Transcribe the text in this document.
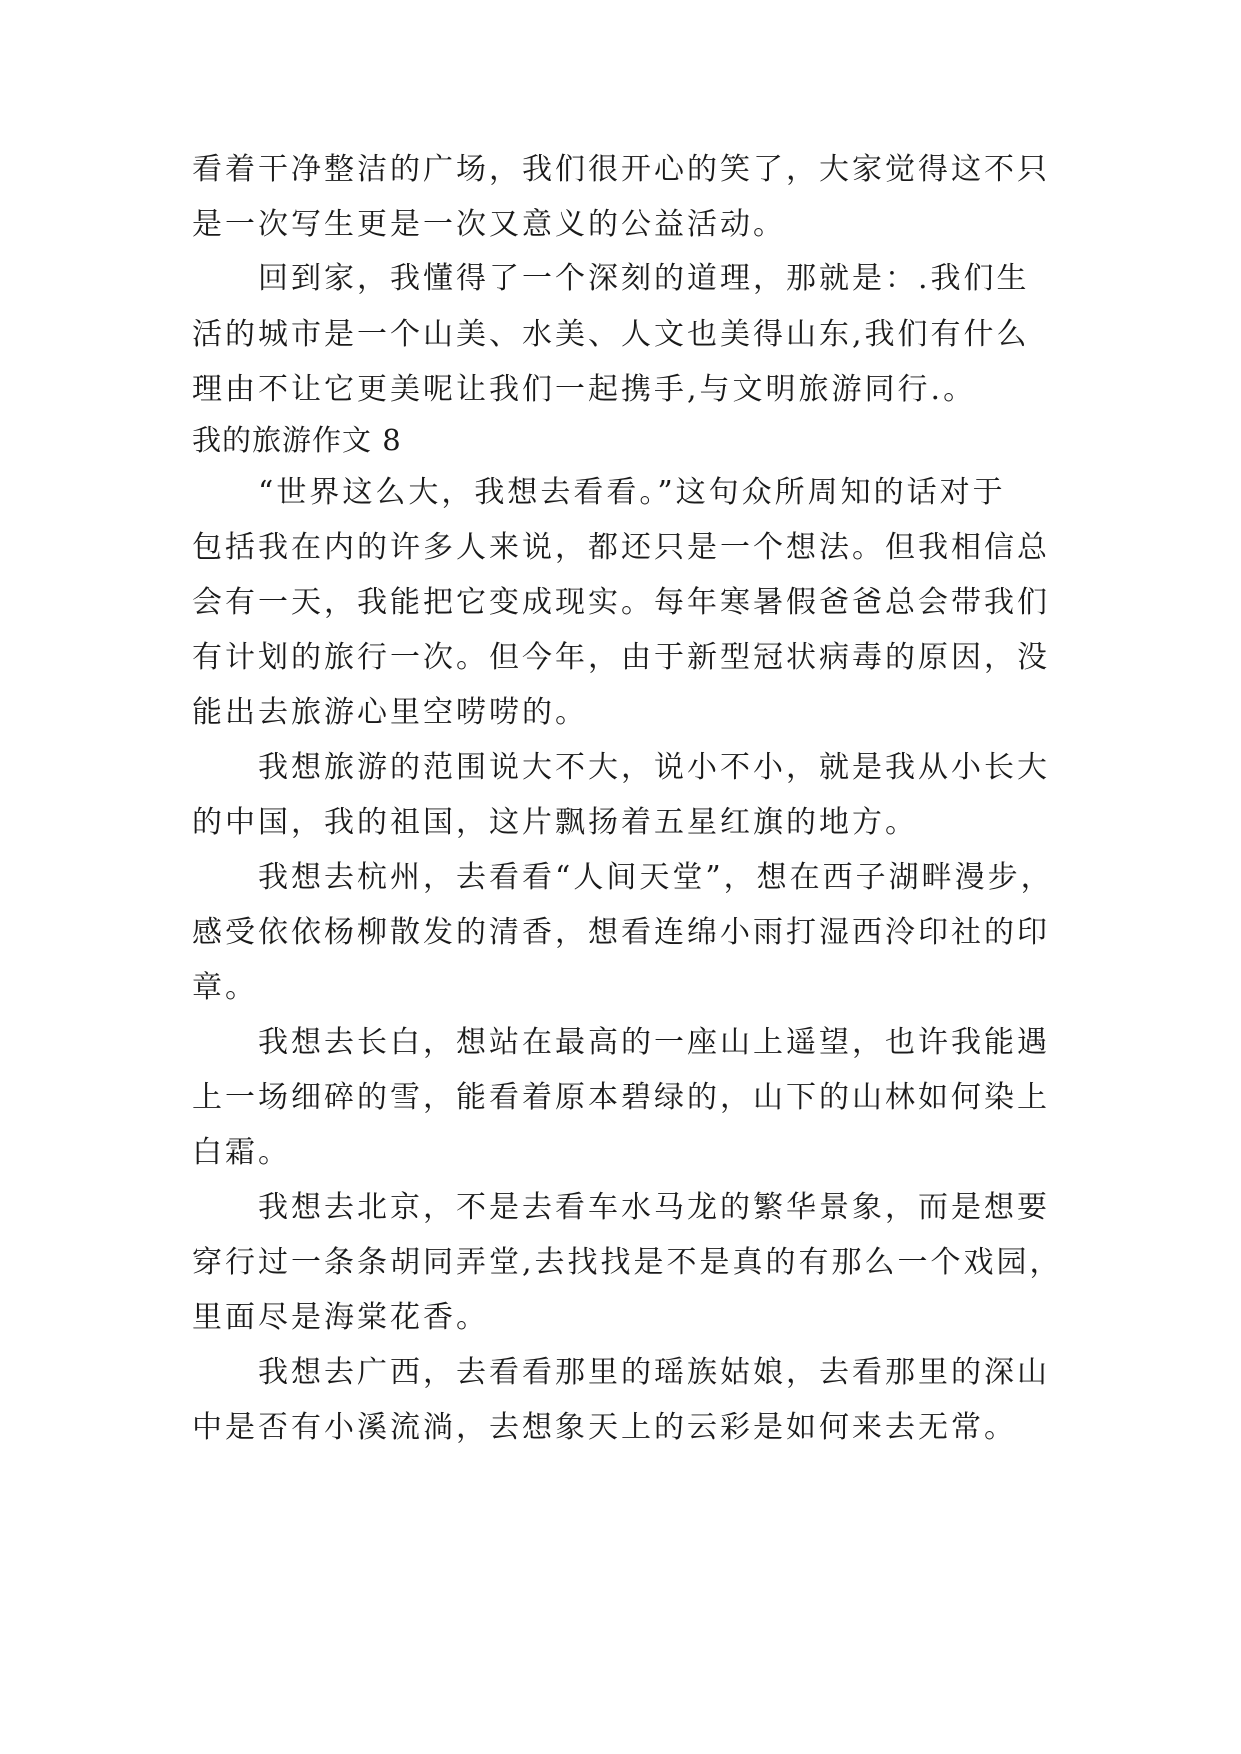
看着干净整洁的广场，我们很开心的笑了，大家觉得这不只
是一次写生更是一次又意义的公益活动。
回到家，我懂得了一个深刻的道理，那就是：.我们生
活的城市是一个山美、水美、人文也美得山东,我们有什么
理由不让它更美呢让我们一起携手,与文明旅游同行.。
我的旅游作文 8
“世界这么大，我想去看看。”这句众所周知的话对于
包括我在内的许多人来说，都还只是一个想法。但我相信总
会有一天，我能把它变成现实。每年寒暑假爸爸总会带我们
有计划的旅行一次。但今年，由于新型冠状病毒的原因，没
能出去旅游心里空唠唠的。
我想旅游的范围说大不大，说小不小，就是我从小长大
的中国，我的祖国，这片飘扬着五星红旗的地方。
我想去杭州，去看看“人间天堂”，想在西子湖畔漫步，
感受依依杨柳散发的清香，想看连绵小雨打湿西泠印社的印
章。
我想去长白，想站在最高的一座山上遥望，也许我能遇
上一场细碎的雪，能看着原本碧绿的，山下的山林如何染上
白霜。
我想去北京，不是去看车水马龙的繁华景象，而是想要
穿行过一条条胡同弄堂,去找找是不是真的有那么一个戏园，
里面尽是海棠花香。
我想去广西，去看看那里的瑶族姑娘，去看那里的深山
中是否有小溪流淌，去想象天上的云彩是如何来去无常。
